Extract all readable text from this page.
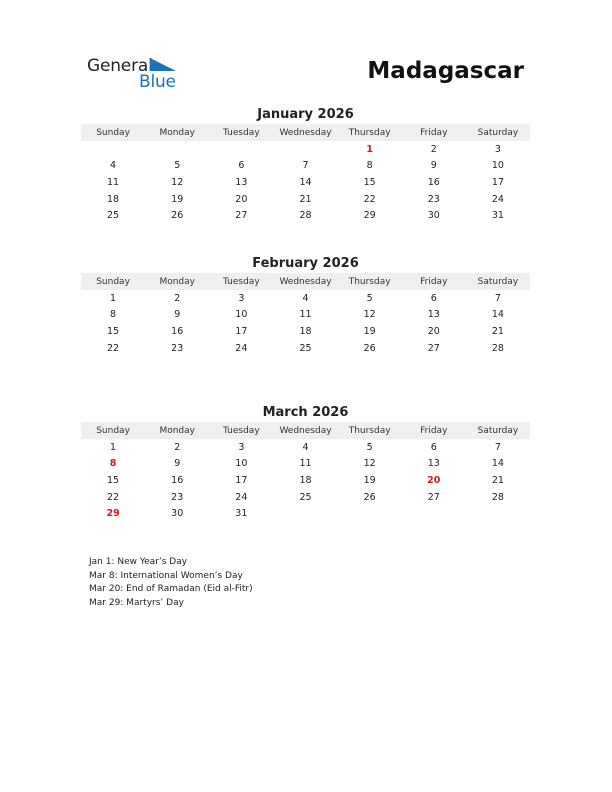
General
Blue	Madagascar
January 2026
Sunday	Monday	Tuesday	Wednesday	Thursday	Friday	Saturday
				1	2	3
4	5	6	7	8	9	10
11	12	13	14	15	16	17
18	19	20	21	22	23	24
25	26	27	28	29	30	31
February 2026
Sunday	Monday	Tuesday	Wednesday	Thursday	Friday	Saturday
1	2	3	4	5	6	7
8	9	10	11	12	13	14
15	16	17	18	19	20	21
22	23	24	25	26	27	28
March 2026
Sunday	Monday	Tuesday	Wednesday	Thursday	Friday	Saturday
1	2	3	4	5	6	7
8	9	10	11	12	13	14
15	16	17	18	19	20	21
22	23	24	25	26	27	28
29	30	31				
Jan 1: New Year’s Day
Mar 8: International Women’s Day
Mar 20: End of Ramadan (Eid al-Fitr)
Mar 29: Martyrs’ Day
